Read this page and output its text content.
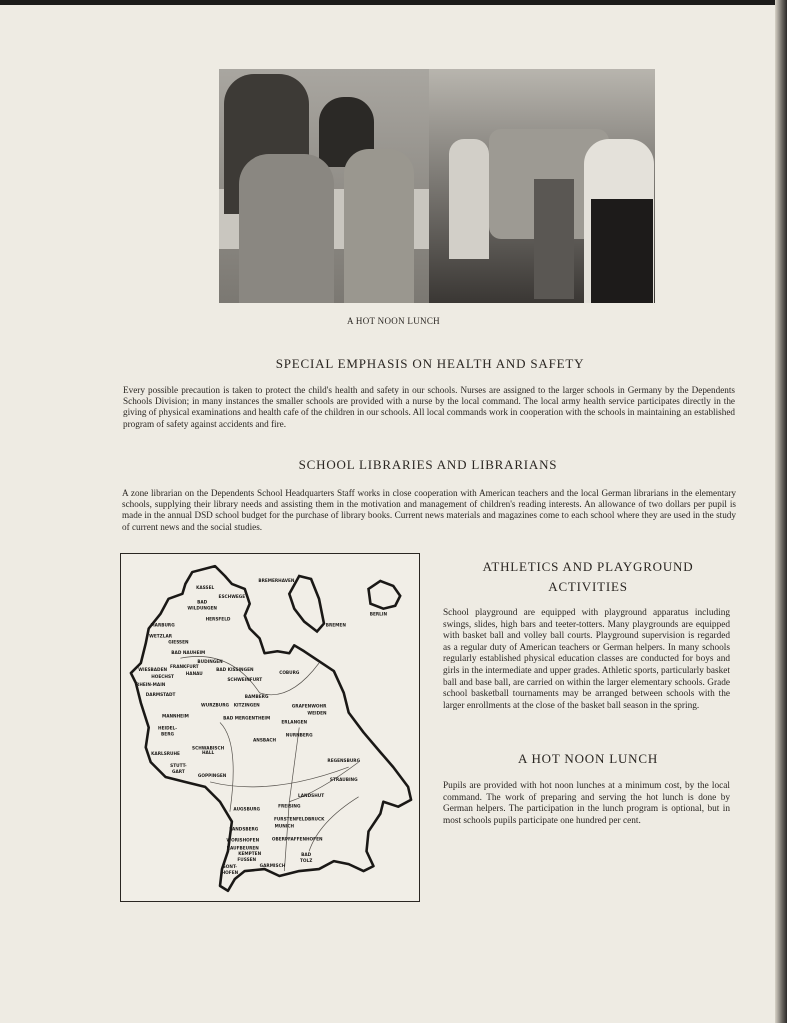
A HOT NOON LUNCH
SPECIAL EMPHASIS ON HEALTH AND SAFETY

Every possible precaution is taken to protect the child's health and safety in our schools. Nurses are assigned to the larger schools in Germany by the Dependents Schools Division; in many instances the smaller schools are provided with a nurse by the local command. The local army health service participates directly in the giving of physical examinations and health cafe of the children in our schools. All local commands work in cooperation with the schools in maintaining an established program of safety against accidents and fire.

SCHOOL LIBRARIES AND LIBRARIANS

A zone librarian on the Dependents School Headquarters Staff works in close cooperation with American teachers and the local German librarians in the elementary schools, supplying their library needs and assisting them in the motivation and management of children's reading interests. An allowance of two dollars per pupil is made in the annual DSD school budget for the purchase of library books. Current news materials and magazines come to each school where they are used in the study of current news and the social studies.

KASSEL
ESCHWEGE
BAD
WILDUNGEN
HERSFELD
MARBURG
WETZLAR
GIESSEN
BAD NAUHEIM
BUDINGEN
WIESBADEN
FRANKFURT
HANAU
BAD KISSINGEN
HOECHST
COBURG
SCHWEINFURT
RHEIN-MAIN
DARMSTADT	BAMBERG
WURZBURG KITZINGEN	GRAFENWOHR
WEIDEN
MANNHEIM	BAD MERGENTHEIM
ERLANGEN
HEIDEL-
BERG	NURNBERG
ANSBACH
SCHWABISCH
HALL
KARLSRUHE
REGENSBURG
STUTT-
GART
GOPPINGEN
STRAUBING
LANDSHUT
AUGSBURG
FREISING
FURSTENFELDBRUCK
MUNICH
LANDSBERG
OBERPFAFFENHOFEN
WORISHOFEN
KAUFBEUREN
KEMPTEN
FUSSEN
BAD
TOLZ
SONT-
HOFEN
GARMISCH
BREMERHAVEN
BREMEN
BERLIN
ATHLETICS AND PLAYGROUND
ACTIVITIES

School playground are equipped with playground apparatus including swings, slides, high bars and teeter-totters. Many playgrounds are equipped with basket ball and volley ball courts. Playground supervision is regarded as a regular duty of American teachers or German helpers. In many schools regularly established physical education classes are conducted for boys and girls in the intermediate and upper grades. Athletic sports, particularly basket ball and base ball, are carried on within the larger elementary schools. Grade school basketball tournaments may be arranged between schools with the larger enrollments at the close of the basket ball season in the spring.

A HOT NOON LUNCH

Pupils are provided with hot noon lunches at a minimum cost, by the local command. The work of preparing and serving the hot lunch is done by German helpers. The participation in the lunch program is optional, but in most schools pupils participate one hundred per cent.
